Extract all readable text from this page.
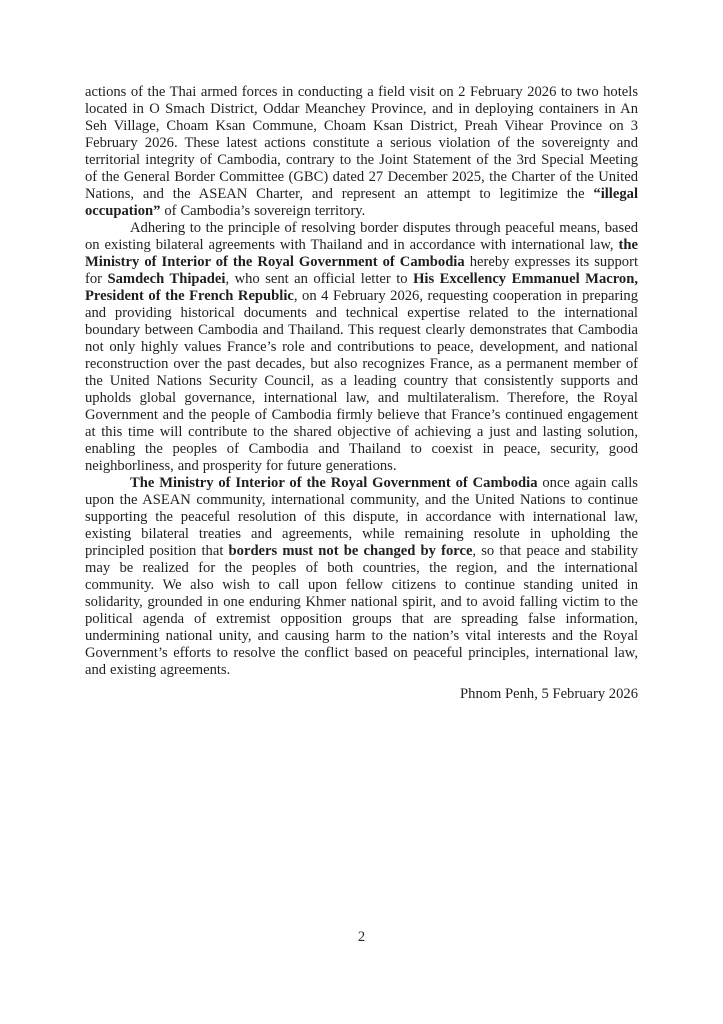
actions of the Thai armed forces in conducting a field visit on 2 February 2026 to two hotels located in O Smach District, Oddar Meanchey Province, and in deploying containers in An Seh Village, Choam Ksan Commune, Choam Ksan District, Preah Vihear Province on 3 February 2026. These latest actions constitute a serious violation of the sovereignty and territorial integrity of Cambodia, contrary to the Joint Statement of the 3rd Special Meeting of the General Border Committee (GBC) dated 27 December 2025, the Charter of the United Nations, and the ASEAN Charter, and represent an attempt to legitimize the “illegal occupation” of Cambodia’s sovereign territory.

Adhering to the principle of resolving border disputes through peaceful means, based on existing bilateral agreements with Thailand and in accordance with international law, the Ministry of Interior of the Royal Government of Cambodia hereby expresses its support for Samdech Thipadei, who sent an official letter to His Excellency Emmanuel Macron, President of the French Republic, on 4 February 2026, requesting cooperation in preparing and providing historical documents and technical expertise related to the international boundary between Cambodia and Thailand. This request clearly demonstrates that Cambodia not only highly values France’s role and contributions to peace, development, and national reconstruction over the past decades, but also recognizes France, as a permanent member of the United Nations Security Council, as a leading country that consistently supports and upholds global governance, international law, and multilateralism. Therefore, the Royal Government and the people of Cambodia firmly believe that France’s continued engagement at this time will contribute to the shared objective of achieving a just and lasting solution, enabling the peoples of Cambodia and Thailand to coexist in peace, security, good neighborliness, and prosperity for future generations.

The Ministry of Interior of the Royal Government of Cambodia once again calls upon the ASEAN community, international community, and the United Nations to continue supporting the peaceful resolution of this dispute, in accordance with international law, existing bilateral treaties and agreements, while remaining resolute in upholding the principled position that borders must not be changed by force, so that peace and stability may be realized for the peoples of both countries, the region, and the international community. We also wish to call upon fellow citizens to continue standing united in solidarity, grounded in one enduring Khmer national spirit, and to avoid falling victim to the political agenda of extremist opposition groups that are spreading false information, undermining national unity, and causing harm to the nation’s vital interests and the Royal Government’s efforts to resolve the conflict based on peaceful principles, international law, and existing agreements.

Phnom Penh, 5 February 2026

2
